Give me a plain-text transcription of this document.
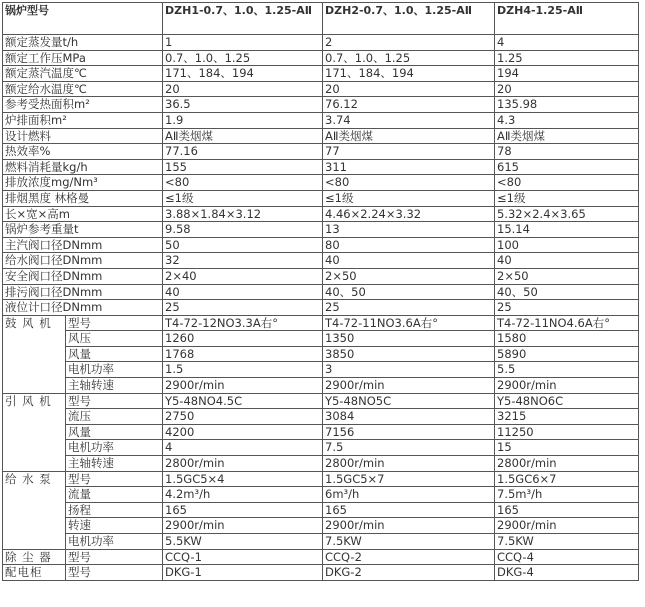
锅炉型号		DZH1-0.7、1.0、1.25-AⅡ	DZH2-0.7、1.0、1.25-AⅡ	DZH4-1.25-AⅡ
额定蒸发量t/h		1	2	4
额定工作压MPa		0.7、1.0、1.25	0.7、1.0、1.25	1.25
额定蒸汽温度℃		171、184、194	171、184、194	194
额定给水温度℃		20	20	20
参考受热面积m²		36.5	76.12	135.98
炉排面积m²		1.9	3.74	4.3
设计燃料		AⅡ类烟煤	AⅡ类烟煤	AⅡ类烟煤
热效率%		77.16	77	78
燃料消耗量kg/h		155	311	615
排放浓度mg/Nm³		<80	<80	<80
排烟黑度 林格曼		≤1级	≤1级	≤1级
长×宽×高m		3.88×1.84×3.12	4.46×2.24×3.32	5.32×2.4×3.65
锅炉参考重量t		9.58	13	15.14
主汽阀口径DNmm		50	80	100
给水阀口径DNmm		32	40	40
安全阀口径DNmm		2×40	2×50	2×50
排污阀口径DNmm		40	40、50	40、50
液位计口径DNmm		25	25	25
鼓 风 机	型号	T4-72-12NO3.3A右°	T4-72-11NO3.6A右°	T4-72-11NO4.6A右°
	风压	1260	1350	1580
	风量	1768	3850	5890
	电机功率	1.5	3	5.5
	主轴转速	2900r/min	2900r/min	2900r/min
引 风 机	型号	Y5-48NO4.5C	Y5-48NO5C	Y5-48NO6C
	流压	2750	3084	3215
	风量	4200	7156	11250
	电机功率	4	7.5	15
	主轴转速	2800r/min	2800r/min	2800r/min
给 水 泵	型号	1.5GC5×4	1.5GC5×7	1.5GC6×7
	流量	4.2m³/h	6m³/h	7.5m³/h
	扬程	165	165	165
	转速	2900r/min	2900r/min	2900r/min
	电机功率	5.5KW	7.5KW	7.5KW
除 尘 器	型号	CCQ-1	CCQ-2	CCQ-4
配电柜	型号	DKG-1	DKG-2	DKG-4
